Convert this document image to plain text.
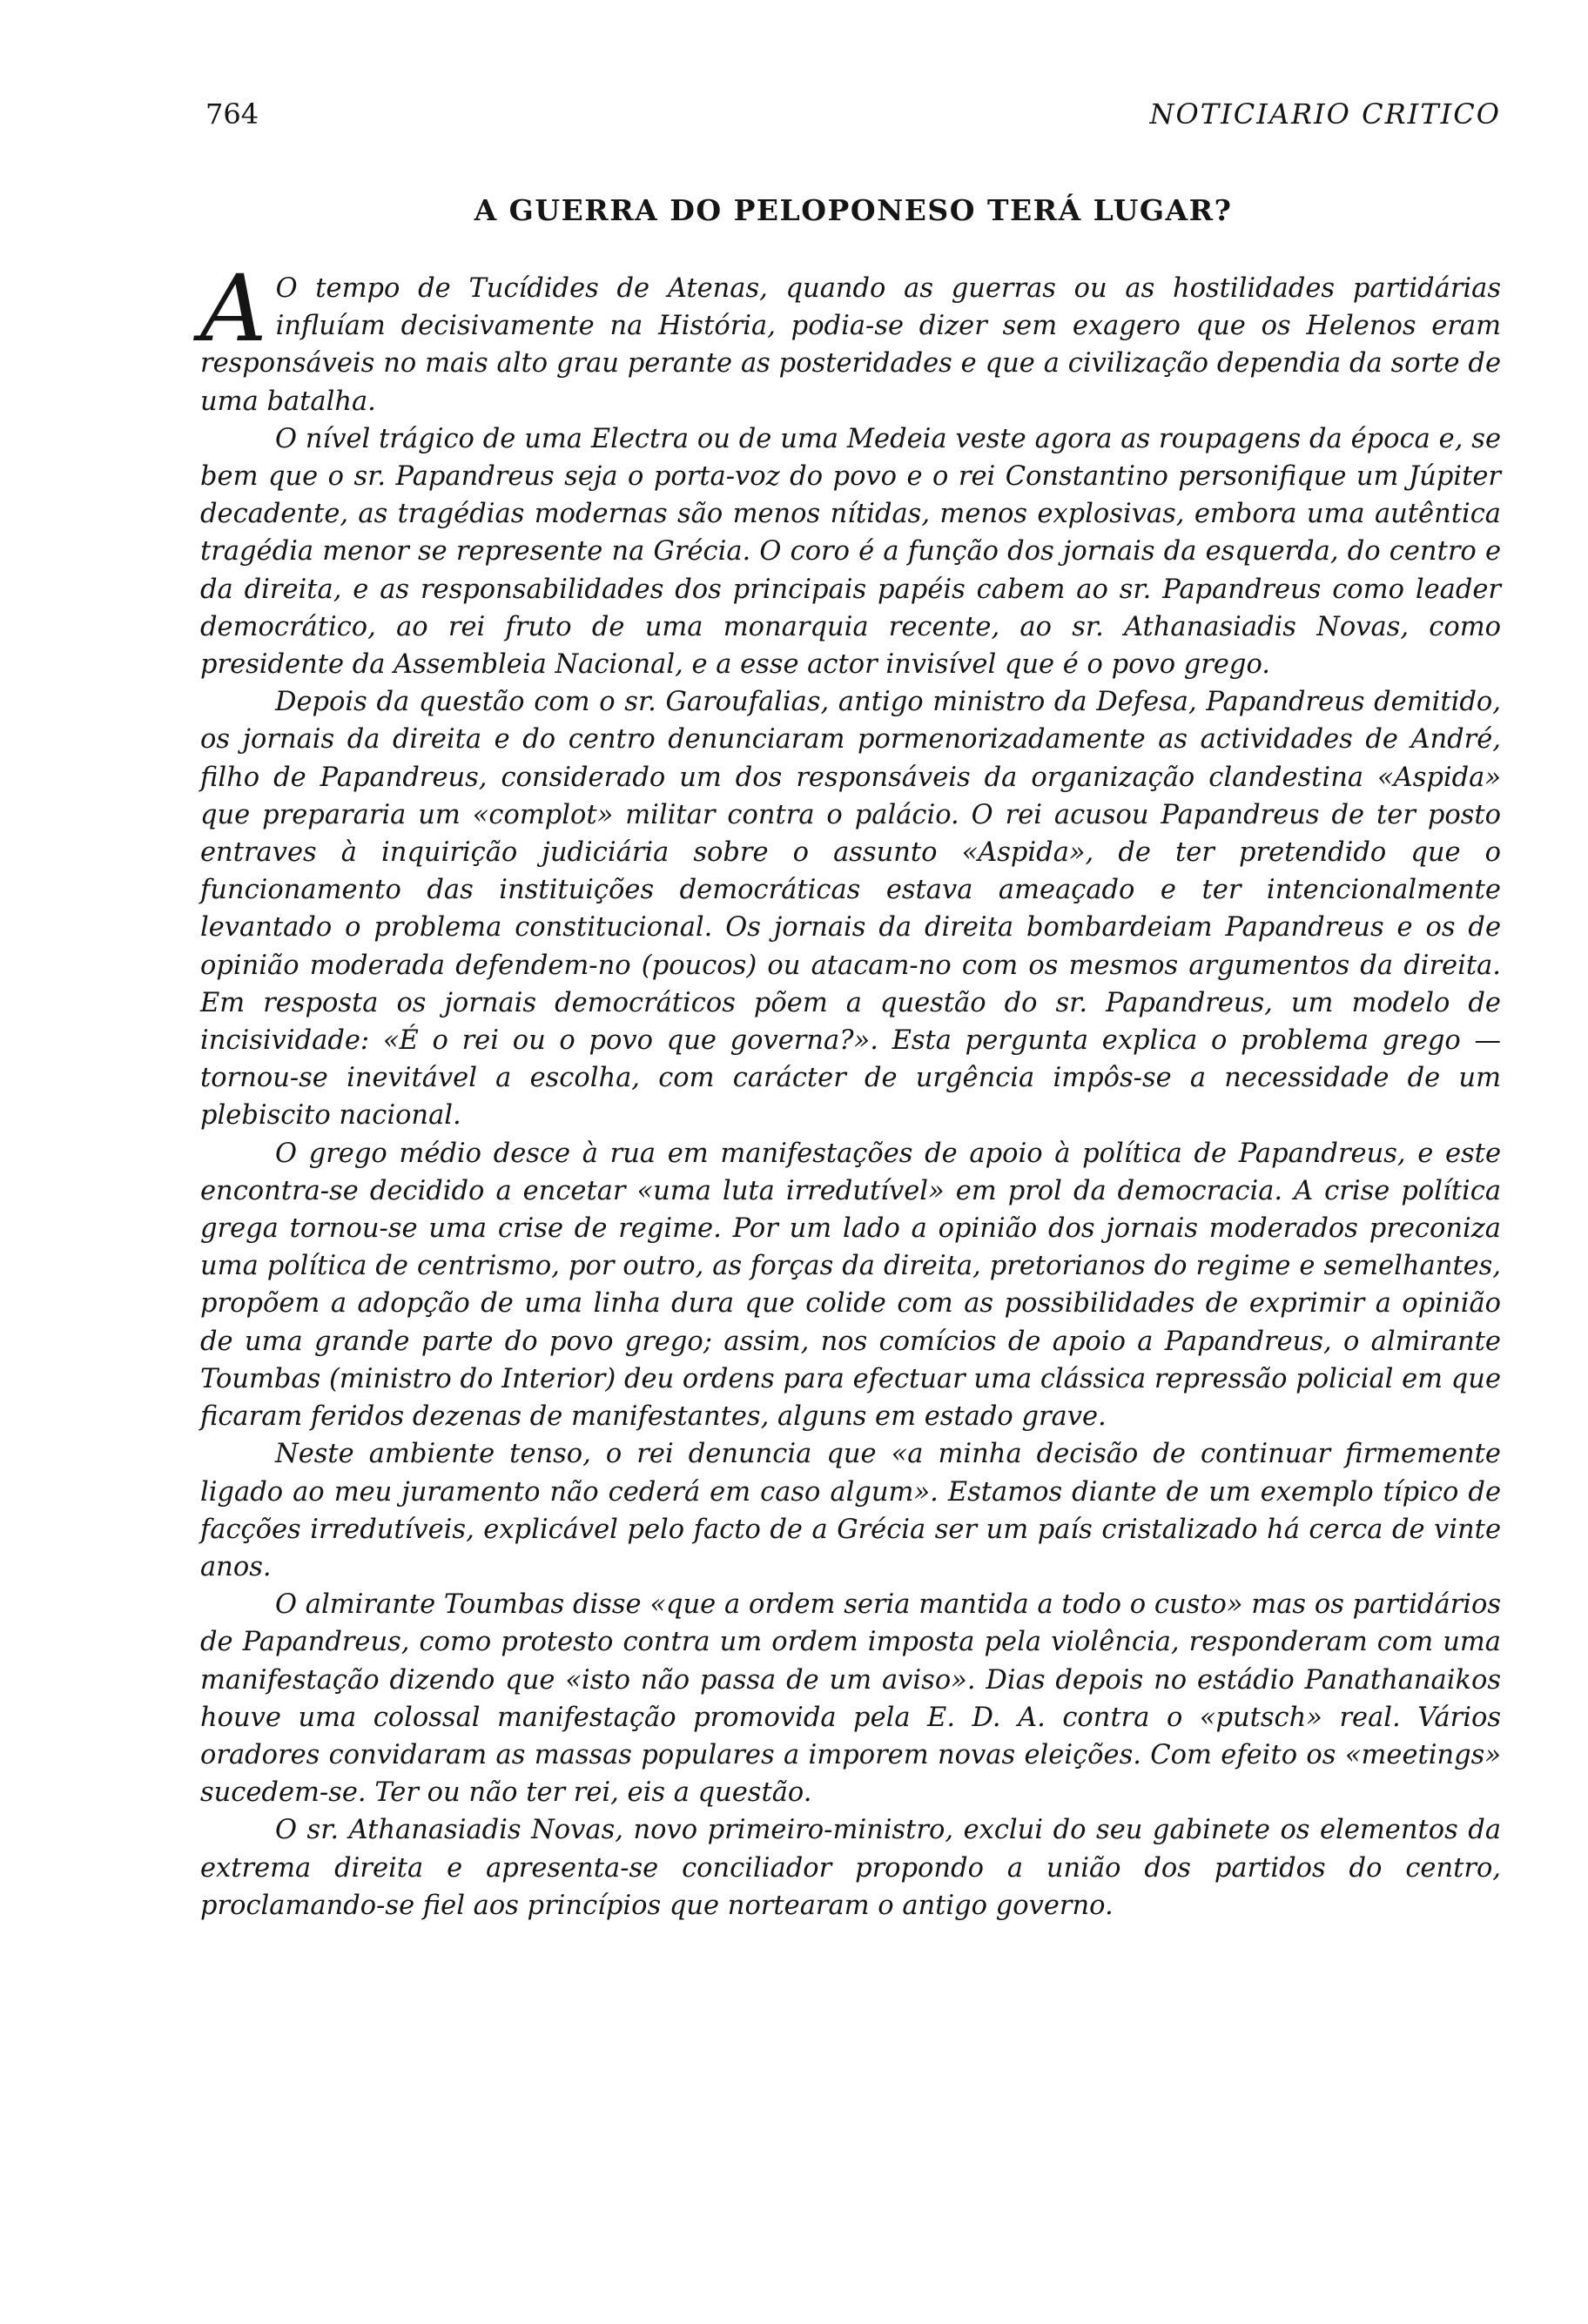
764	NOTICIARIO CRITICO
A GUERRA DO PELOPONESO TERÁ LUGAR?

A O tempo de Tucídides de Atenas, quando as guerras ou as hostilidades partidárias influíam decisivamente na História, podia-se dizer sem exagero que os Helenos eram responsáveis no mais alto grau perante as posteridades e que a civilização dependia da sorte de uma batalha.

O nível trágico de uma Electra ou de uma Medeia veste agora as roupagens da época e, se bem que o sr. Papandreus seja o porta-voz do povo e o rei Constantino personifique um Júpiter decadente, as tragédias modernas são menos nítidas, menos explosivas, embora uma autêntica tragédia menor se represente na Grécia. O coro é a função dos jornais da esquerda, do centro e da direita, e as responsabilidades dos principais papéis cabem ao sr. Papandreus como leader democrático, ao rei fruto de uma monarquia recente, ao sr. Athanasiadis Novas, como presidente da Assembleia Nacional, e a esse actor invisível que é o povo grego.

Depois da questão com o sr. Garoufalias, antigo ministro da Defesa, Papandreus demitido, os jornais da direita e do centro denunciaram pormenorizadamente as actividades de André, filho de Papandreus, considerado um dos responsáveis da organização clandestina «Aspida» que prepararia um «complot» militar contra o palácio. O rei acusou Papandreus de ter posto entraves à inquirição judiciária sobre o assunto «Aspida», de ter pretendido que o funcionamento das instituições democráticas estava ameaçado e ter intencionalmente levantado o problema constitucional. Os jornais da direita bombardeiam Papandreus e os de opinião moderada defendem-no (poucos) ou atacam-no com os mesmos argumentos da direita. Em resposta os jornais democráticos põem a questão do sr. Papandreus, um modelo de incisividade: «É o rei ou o povo que governa?». Esta pergunta explica o problema grego — tornou-se inevitável a escolha, com carácter de urgência impôs-se a necessidade de um plebiscito nacional.

O grego médio desce à rua em manifestações de apoio à política de Papandreus, e este encontra-se decidido a encetar «uma luta irredutível» em prol da democracia. A crise política grega tornou-se uma crise de regime. Por um lado a opinião dos jornais moderados preconiza uma política de centrismo, por outro, as forças da direita, pretorianos do regime e semelhantes, propõem a adopção de uma linha dura que colide com as possibilidades de exprimir a opinião de uma grande parte do povo grego; assim, nos comícios de apoio a Papandreus, o almirante Toumbas (ministro do Interior) deu ordens para efectuar uma clássica repressão policial em que ficaram feridos dezenas de manifestantes, alguns em estado grave.

Neste ambiente tenso, o rei denuncia que «a minha decisão de continuar firmemente ligado ao meu juramento não cederá em caso algum». Estamos diante de um exemplo típico de facções irredutíveis, explicável pelo facto de a Grécia ser um país cristalizado há cerca de vinte anos.

O almirante Toumbas disse «que a ordem seria mantida a todo o custo» mas os partidários de Papandreus, como protesto contra um ordem imposta pela violência, responderam com uma manifestação dizendo que «isto não passa de um aviso». Dias depois no estádio Panathanaikos houve uma colossal manifestação promovida pela E. D. A. contra o «putsch» real. Vários oradores convidaram as massas populares a imporem novas eleições. Com efeito os «meetings» sucedem-se. Ter ou não ter rei, eis a questão.

O sr. Athanasiadis Novas, novo primeiro-ministro, exclui do seu gabinete os elementos da extrema direita e apresenta-se conciliador propondo a união dos partidos do centro, proclamando-se fiel aos princípios que nortearam o antigo governo.
